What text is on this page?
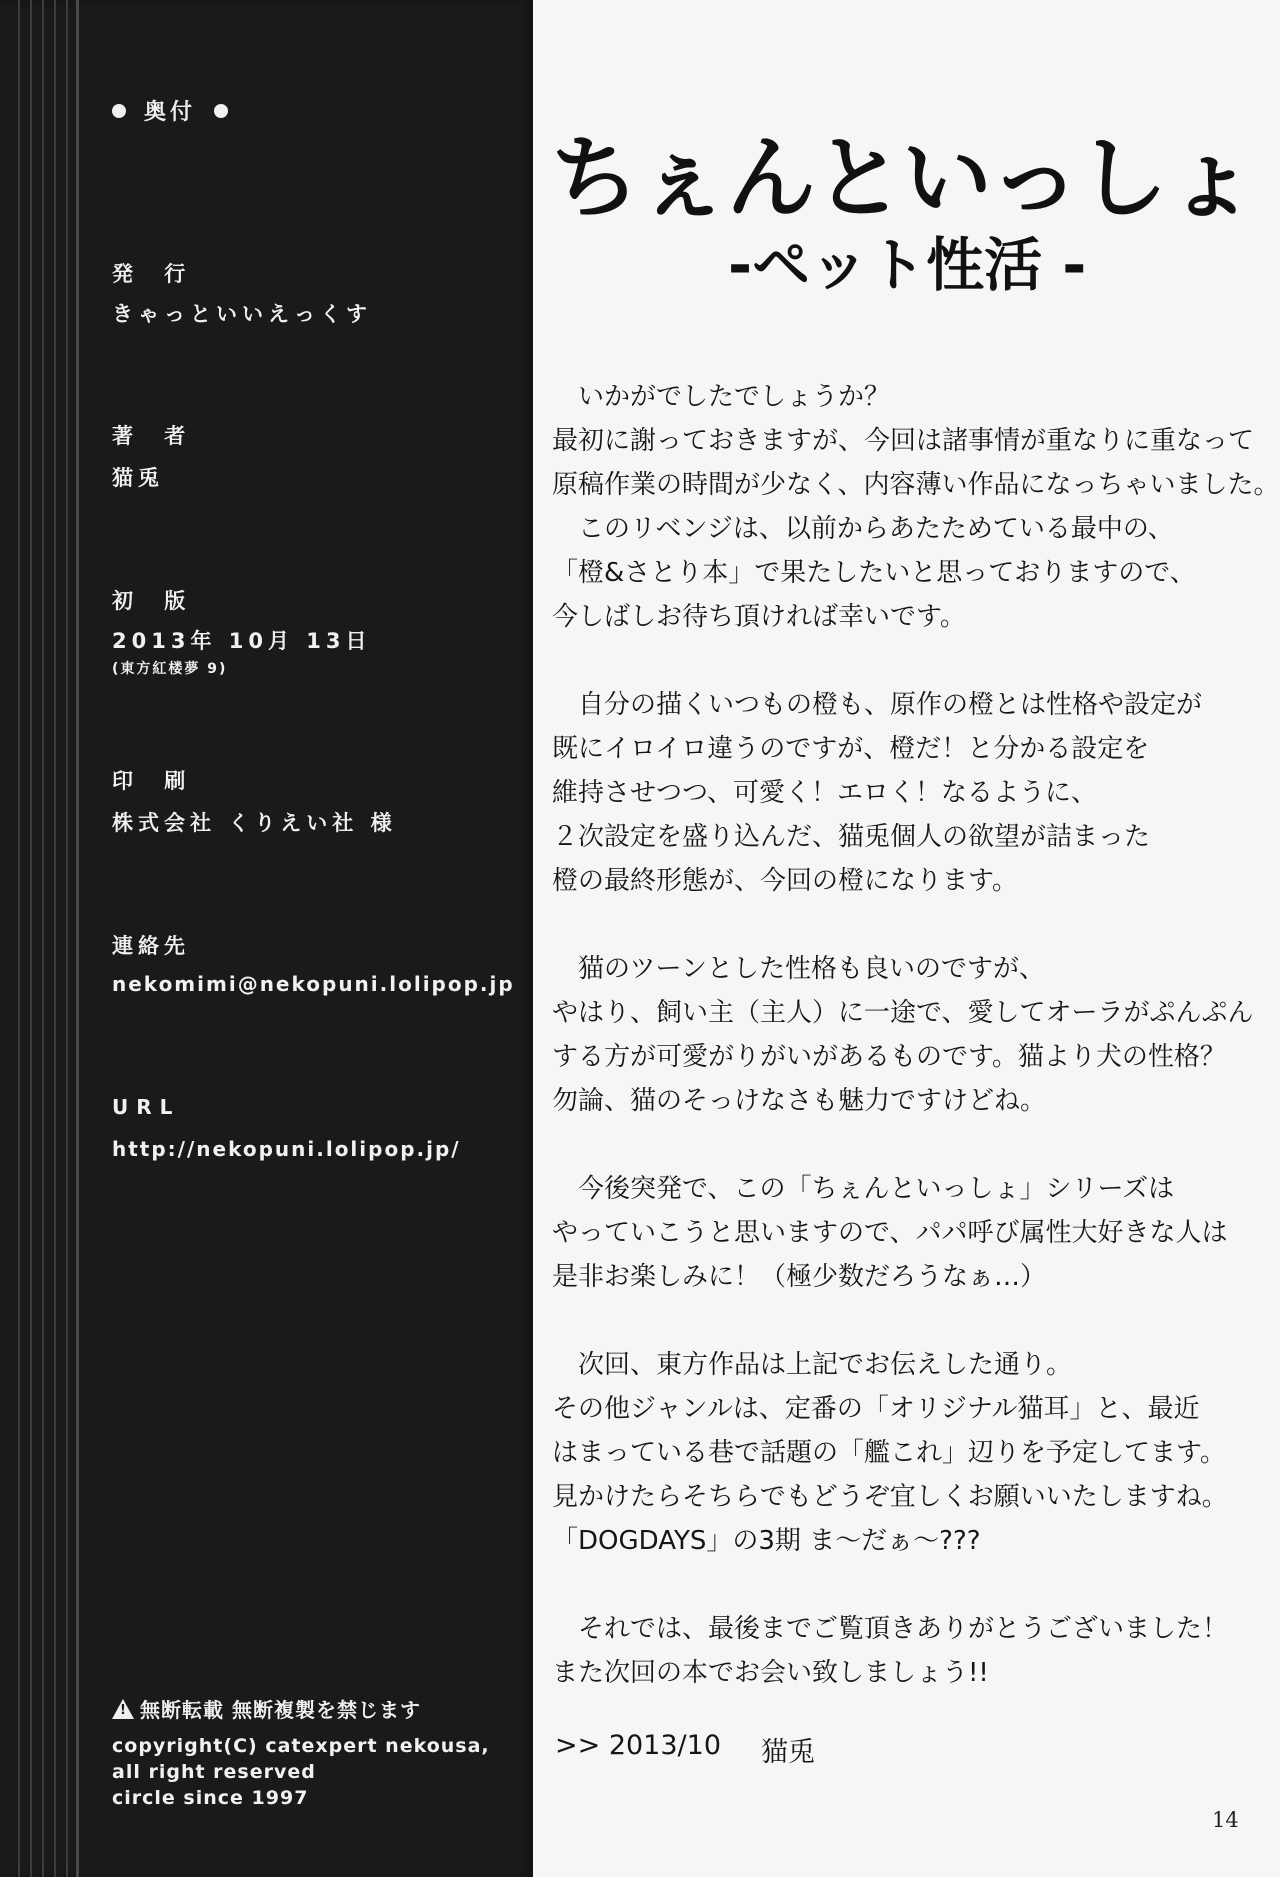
奥付
発 行
きゃっといいえっくす
著 者
猫兎
初 版
2013年 10月 13日
(東方紅楼夢 9)
印 刷
株式会社 くりえい社 様
連絡先
nekomimi@nekopuni.lolipop.jp
URL
http://nekopuni.lolipop.jp/
!
無断転載 無断複製を禁じます
copyright(C) catexpert nekousa,
all right reserved
circle since 1997
ちぇんといっしょ
-ペット性活 -

　いかがでしたでしょうか？
最初に謝っておきますが、今回は諸事情が重なりに重なって
原稿作業の時間が少なく、内容薄い作品になっちゃいました。
　このリベンジは、以前からあたためている最中の、
「橙&さとり本」で果たしたいと思っておりますので、
今しばしお待ち頂ければ幸いです。

　自分の描くいつもの橙も、原作の橙とは性格や設定が
既にイロイロ違うのですが、橙だ！と分かる設定を
維持させつつ、可愛く！エロく！なるように、
２次設定を盛り込んだ、猫兎個人の欲望が詰まった
橙の最終形態が、今回の橙になります。

　猫のツーンとした性格も良いのですが、
やはり、飼い主（主人）に一途で、愛してオーラがぷんぷん
する方が可愛がりがいがあるものです。猫より犬の性格？
勿論、猫のそっけなさも魅力ですけどね。

　今後突発で、この「ちぇんといっしょ」シリーズは
やっていこうと思いますので、パパ呼び属性大好きな人は
是非お楽しみに！（極少数だろうなぁ…）

　次回、東方作品は上記でお伝えした通り。
その他ジャンルは、定番の「オリジナル猫耳」と、最近
はまっている巷で話題の「艦これ」辺りを予定してます。
見かけたらそちらでもどうぞ宜しくお願いいたしますね。
「DOGDAYS」の3期 ま～だぁ～???

　それでは、最後までご覧頂きありがとうございました！
また次回の本でお会い致しましょう!!

>> 2013/10 猫兎
14
